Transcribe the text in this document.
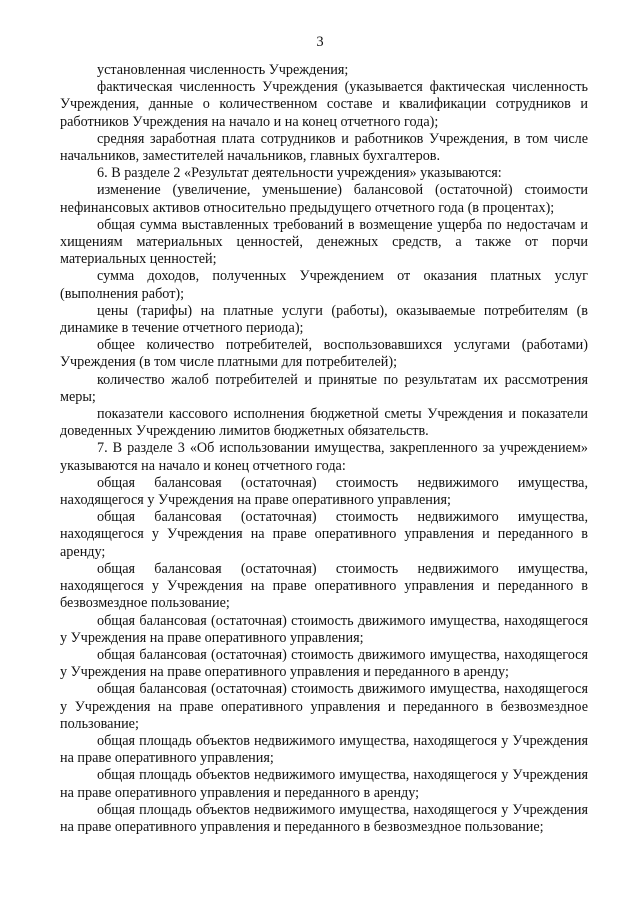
3

установленная численность Учреждения;

фактическая численность Учреждения (указывается фактическая численность Учреждения, данные о количественном составе и квалификации сотрудников и работников Учреждения на начало и на конец отчетного года);

средняя заработная плата сотрудников и работников Учреждения, в том числе начальников, заместителей начальников, главных бухгалтеров.

6. В разделе 2 «Результат деятельности учреждения» указываются:

изменение (увеличение, уменьшение) балансовой (остаточной) стоимости нефинансовых активов относительно предыдущего отчетного года (в процентах);

общая сумма выставленных требований в возмещение ущерба по недостачам и хищениям материальных ценностей, денежных средств, а также от порчи материальных ценностей;

сумма доходов, полученных Учреждением от оказания платных услуг (выполнения работ);

цены (тарифы) на платные услуги (работы), оказываемые потребителям (в динамике в течение отчетного периода);

общее количество потребителей, воспользовавшихся услугами (работами) Учреждения (в том числе платными для потребителей);

количество жалоб потребителей и принятые по результатам их рассмотрения меры;

показатели кассового исполнения бюджетной сметы Учреждения и показатели доведенных Учреждению лимитов бюджетных обязательств.

7. В разделе 3 «Об использовании имущества, закрепленного за учреждением» указываются на начало и конец отчетного года:

общая балансовая (остаточная) стоимость недвижимого имущества, находящегося у Учреждения на праве оперативного управления;

общая балансовая (остаточная) стоимость недвижимого имущества, находящегося у Учреждения на праве оперативного управления и переданного в аренду;

общая балансовая (остаточная) стоимость недвижимого имущества, находящегося у Учреждения на праве оперативного управления и переданного в безвозмездное пользование;

общая балансовая (остаточная) стоимость движимого имущества, находящегося у Учреждения на праве оперативного управления;

общая балансовая (остаточная) стоимость движимого имущества, находящегося у Учреждения на праве оперативного управления и переданного в аренду;

общая балансовая (остаточная) стоимость движимого имущества, находящегося у Учреждения на праве оперативного управления и переданного в безвозмездное пользование;

общая площадь объектов недвижимого имущества, находящегося у Учреждения на праве оперативного управления;

общая площадь объектов недвижимого имущества, находящегося у Учреждения на праве оперативного управления и переданного в аренду;

общая площадь объектов недвижимого имущества, находящегося у Учреждения на праве оперативного управления и переданного в безвозмездное пользование;
